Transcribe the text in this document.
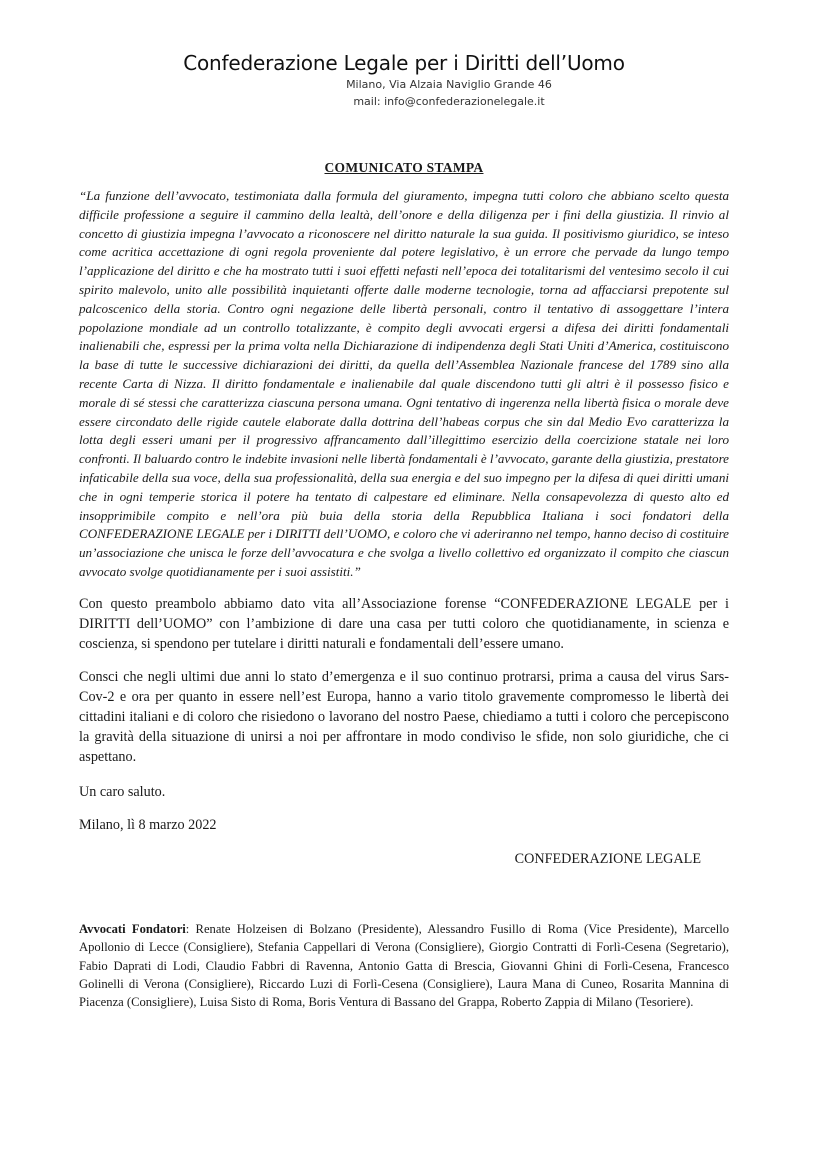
Confederazione Legale per i Diritti dell’Uomo

Milano, Via Alzaia Naviglio Grande 46

mail: info@confederazionelegale.it

COMUNICATO STAMPA
“La funzione dell’avvocato, testimoniata dalla formula del giuramento, impegna tutti coloro che abbiano scelto questa difficile professione a seguire il cammino della lealtà, dell’onore e della diligenza per i fini della giustizia. Il rinvio al concetto di giustizia impegna l’avvocato a riconoscere nel diritto naturale la sua guida. Il positivismo giuridico, se inteso come acritica accettazione di ogni regola proveniente dal potere legislativo, è un errore che pervade da lungo tempo l’applicazione del diritto e che ha mostrato tutti i suoi effetti nefasti nell’epoca dei totalitarismi del ventesimo secolo il cui spirito malevolo, unito alle possibilità inquietanti offerte dalle moderne tecnologie, torna ad affacciarsi prepotente sul palcoscenico della storia. Contro ogni negazione delle libertà personali, contro il tentativo di assoggettare l’intera popolazione mondiale ad un controllo totalizzante, è compito degli avvocati ergersi a difesa dei diritti fondamentali inalienabili che, espressi per la prima volta nella Dichiarazione di indipendenza degli Stati Uniti d’America, costituiscono la base di tutte le successive dichiarazioni dei diritti, da quella dell’Assemblea Nazionale francese del 1789 sino alla recente Carta di Nizza. Il diritto fondamentale e inalienabile dal quale discendono tutti gli altri è il possesso fisico e morale di sé stessi che caratterizza ciascuna persona umana. Ogni tentativo di ingerenza nella libertà fisica o morale deve essere circondato delle rigide cautele elaborate dalla dottrina dell’habeas corpus che sin dal Medio Evo caratterizza la lotta degli esseri umani per il progressivo affrancamento dall’illegittimo esercizio della coercizione statale nei loro confronti. Il baluardo contro le indebite invasioni nelle libertà fondamentali è l’avvocato, garante della giustizia, prestatore infaticabile della sua voce, della sua professionalità, della sua energia e del suo impegno per la difesa di quei diritti umani che in ogni temperie storica il potere ha tentato di calpestare ed eliminare. Nella consapevolezza di questo alto ed insopprimibile compito e nell’ora più buia della storia della Repubblica Italiana i soci fondatori della CONFEDERAZIONE LEGALE per i DIRITTI dell’UOMO, e coloro che vi aderiranno nel tempo, hanno deciso di costituire un’associazione che unisca le forze dell’avvocatura e che svolga a livello collettivo ed organizzato il compito che ciascun avvocato svolge quotidianamente per i suoi assistiti.”
Con questo preambolo abbiamo dato vita all’Associazione forense “CONFEDERAZIONE LEGALE per i DIRITTI dell’UOMO” con l’ambizione di dare una casa per tutti coloro che quotidianamente, in scienza e coscienza, si spendono per tutelare i diritti naturali e fondamentali dell’essere umano.
Consci che negli ultimi due anni lo stato d’emergenza e il suo continuo protrarsi, prima a causa del virus Sars-Cov-2 e ora per quanto in essere nell’est Europa, hanno a vario titolo gravemente compromesso le libertà dei cittadini italiani e di coloro che risiedono o lavorano del nostro Paese, chiediamo a tutti i coloro che percepiscono la gravità della situazione di unirsi a noi per affrontare in modo condiviso le sfide, non solo giuridiche, che ci aspettano.
Un caro saluto.
Milano, lì 8 marzo 2022
CONFEDERAZIONE LEGALE
Avvocati Fondatori: Renate Holzeisen di Bolzano (Presidente), Alessandro Fusillo di Roma (Vice Presidente), Marcello Apollonio di Lecce (Consigliere), Stefania Cappellari di Verona (Consigliere), Giorgio Contratti di Forlì-Cesena (Segretario), Fabio Daprati di Lodi, Claudio Fabbri di Ravenna, Antonio Gatta di Brescia, Giovanni Ghini di Forlì-Cesena, Francesco Golinelli di Verona (Consigliere), Riccardo Luzi di Forlì-Cesena (Consigliere), Laura Mana di Cuneo, Rosarita Mannina di Piacenza (Consigliere), Luisa Sisto di Roma, Boris Ventura di Bassano del Grappa, Roberto Zappia di Milano (Tesoriere).
